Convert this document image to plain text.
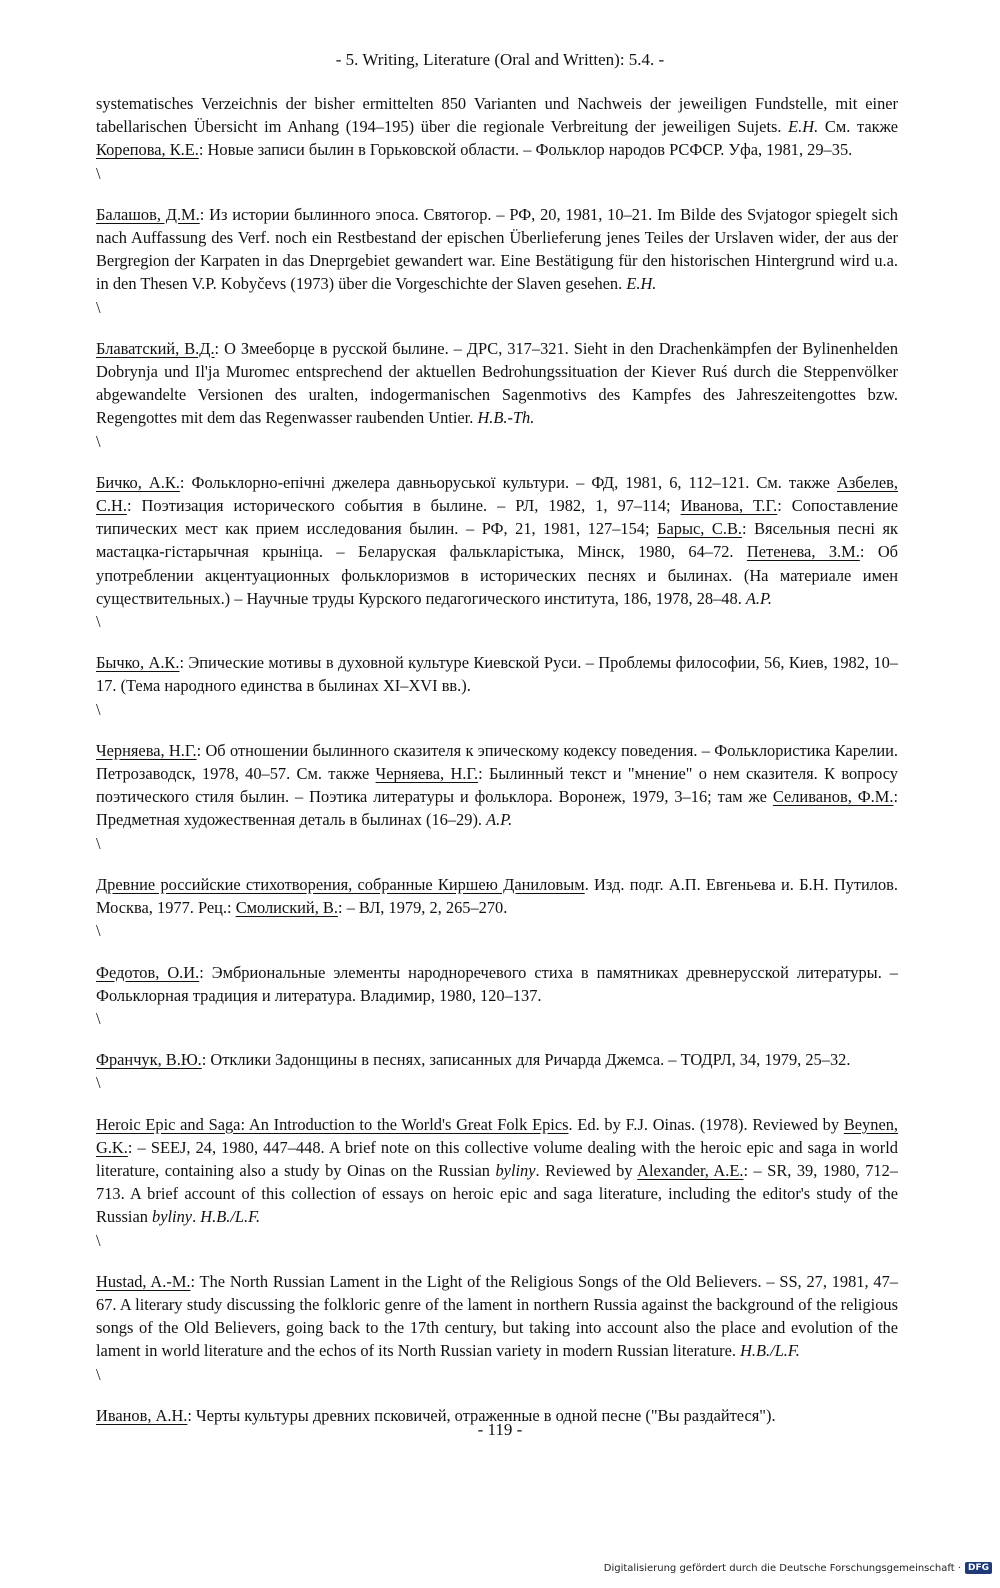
- 5. Writing, Literature (Oral and Written): 5.4. -

systematisches Verzeichnis der bisher ermittelten 850 Varianten und Nachweis der jeweiligen Fundstelle, mit einer tabellarischen Übersicht im Anhang (194–195) über die regionale Verbreitung der jeweiligen Sujets. E.H. См. также Корепова, К.Е.: Новые записи былин в Горьковской области. – Фольклор народов РСФСР. Уфа, 1981, 29–35.

\

Балашов, Д.М.: Из истории былинного эпоса. Святогор. – РФ, 20, 1981, 10–21. Im Bilde des Svjatogor spiegelt sich nach Auffassung des Verf. noch ein Restbestand der epischen Überlieferung jenes Teiles der Urslaven wider, der aus der Bergregion der Karpaten in das Dneprgebiet gewandert war. Eine Bestätigung für den historischen Hintergrund wird u.a. in den Thesen V.P. Kobyčevs (1973) über die Vorgeschichte der Slaven gesehen. E.H.

\

Блаватский, В.Д.: О Змеeборце в русской былине. – ДРС, 317–321. Sieht in den Drachenkämpfen der Bylinenhelden Dobrynja und Il'ja Muromec entsprechend der aktuellen Bedrohungssituation der Kiever Ruś durch die Steppenvölker abgewandelte Versionen des uralten, indogermanischen Sagenmotivs des Kampfes des Jahreszeitengottes bzw. Regengottes mit dem das Regenwasser raubenden Untier. H.B.-Th.

\

Бичко, А.К.: Фольклорно-епічні джелера давньоруської культури. – ФД, 1981, 6, 112–121. См. также Азбелев, С.Н.: Поэтизация исторического события в былине. – РЛ, 1982, 1, 97–114; Иванова, Т.Г.: Сопоставление типических мест как прием исследования былин. – РФ, 21, 1981, 127–154; Барыс, С.В.: Вясельныя песні як мастацка-гістарычная крыніца. – Беларуская фалькларістыка, Мінск, 1980, 64–72. Петенева, З.М.: Об употреблении акцентуационных фольклоризмов в исторических песнях и былинах. (На материале имен существительных.) – Научные труды Курского педагогического института, 186, 1978, 28–48. A.P.

\

Бычко, А.К.: Эпические мотивы в духовной культуре Киевской Руси. – Проблемы философии, 56, Киев, 1982, 10–17. (Тема народного единства в былинах XI–XVI вв.).

\

Черняева, Н.Г.: Об отношении былинного сказителя к эпическому кодексу поведения. – Фольклористика Карелии. Петрозаводск, 1978, 40–57. См. также Черняева, Н.Г.: Былинный текст и "мнение" о нем сказителя. К вопросу поэтического стиля былин. – Поэтика литературы и фольклора. Воронеж, 1979, 3–16; там же Селиванов, Ф.М.: Предметная художественная деталь в былинах (16–29). A.P.

\

Древние российские стихотворения, собранные Киршею Даниловым. Изд. подг. А.П. Евгеньева и. Б.Н. Путилов. Москва, 1977. Рец.: Смолиский, В.: – ВЛ, 1979, 2, 265–270.

\

Федотов, О.И.: Эмбриональные элементы народноречевого стиха в памятниках древнерусской литературы. – Фольклорная традиция и литература. Владимир, 1980, 120–137.

\

Франчук, В.Ю.: Отклики Задонщины в песнях, записанных для Ричарда Джемса. – ТОДРЛ, 34, 1979, 25–32.

\

Heroic Epic and Saga: An Introduction to the World's Great Folk Epics. Ed. by F.J. Oinas. (1978). Reviewed by Beynen, G.K.: – SEEJ, 24, 1980, 447–448. A brief note on this collective volume dealing with the heroic epic and saga in world literature, containing also a study by Oinas on the Russian byliny. Reviewed by Alexander, A.E.: – SR, 39, 1980, 712–713. A brief account of this collection of essays on heroic epic and saga literature, including the editor's study of the Russian byliny. H.B./L.F.

\

Hustad, A.-M.: The North Russian Lament in the Light of the Religious Songs of the Old Believers. – SS, 27, 1981, 47–67. A literary study discussing the folkloric genre of the lament in northern Russia against the background of the religious songs of the Old Believers, going back to the 17th century, but taking into account also the place and evolution of the lament in world literature and the echos of its North Russian variety in modern Russian literature. H.B./L.F.

\

Иванов, А.Н.: Черты культуры древних псковичей, отраженные в одной песне ("Вы раздайтеся").

- 119 -
Digitalisierung gefördert durch die Deutsche Forschungsgemeinschaft · DFG
